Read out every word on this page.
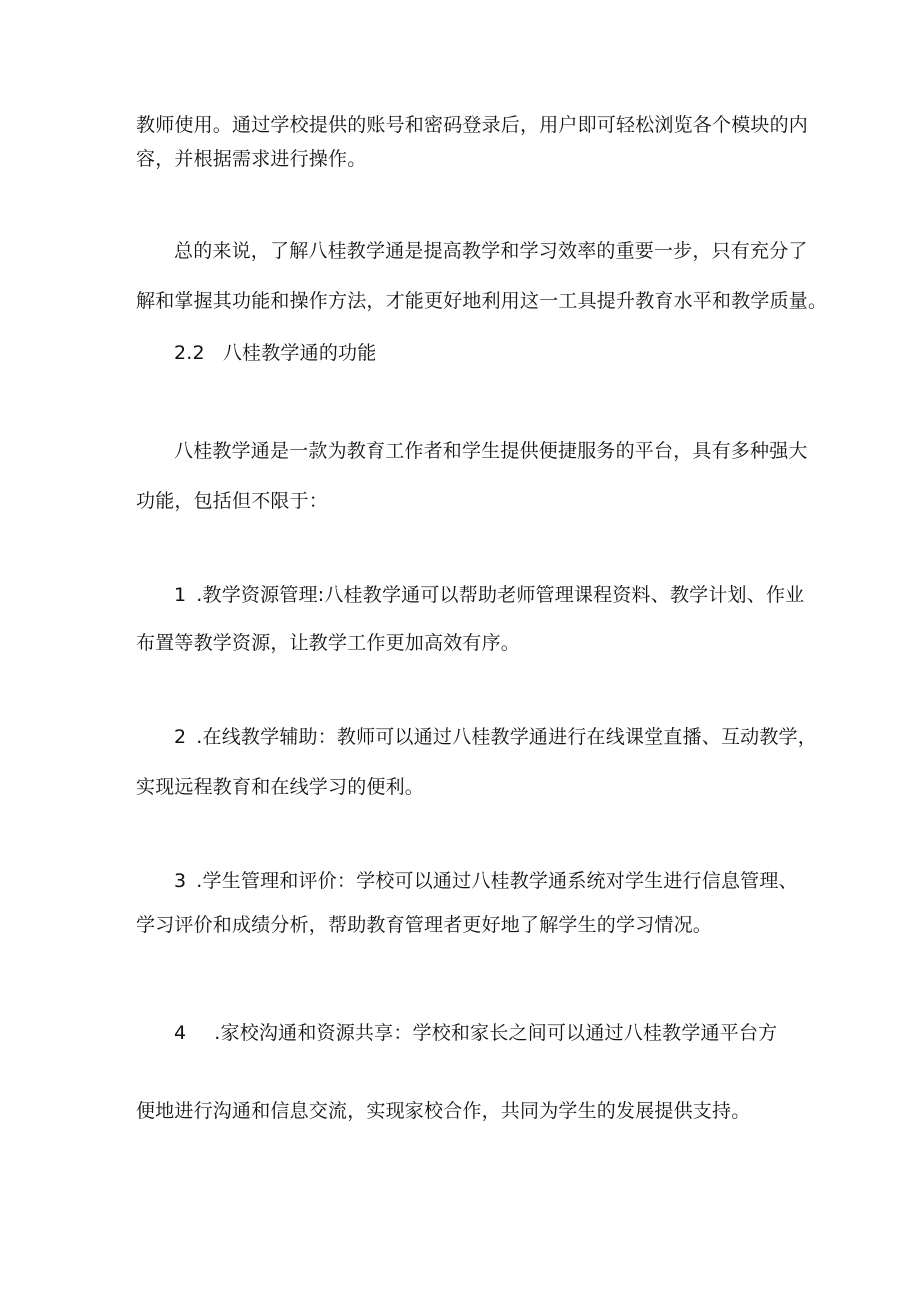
教师使用。通过学校提供的账号和密码登录后，用户即可轻松浏览各个模块的内
容，并根据需求进行操作。
总的来说，了解八桂教学通是提高教学和学习效率的重要一步，只有充分了
解和掌握其功能和操作方法，才能更好地利用这一工具提升教育水平和教学质量。
2.2 八桂教学通的功能
八桂教学通是一款为教育工作者和学生提供便捷服务的平台，具有多种强大
功能，包括但不限于：
1 .教学资源管理:八桂教学通可以帮助老师管理课程资料、教学计划、作业
布置等教学资源，让教学工作更加高效有序。
2 .在线教学辅助：教师可以通过八桂教学通进行在线课堂直播、互动教学，
实现远程教育和在线学习的便利。
3 .学生管理和评价：学校可以通过八桂教学通系统对学生进行信息管理、
学习评价和成绩分析，帮助教育管理者更好地了解学生的学习情况。
4 .家校沟通和资源共享：学校和家长之间可以通过八桂教学通平台方
便地进行沟通和信息交流，实现家校合作，共同为学生的发展提供支持。
